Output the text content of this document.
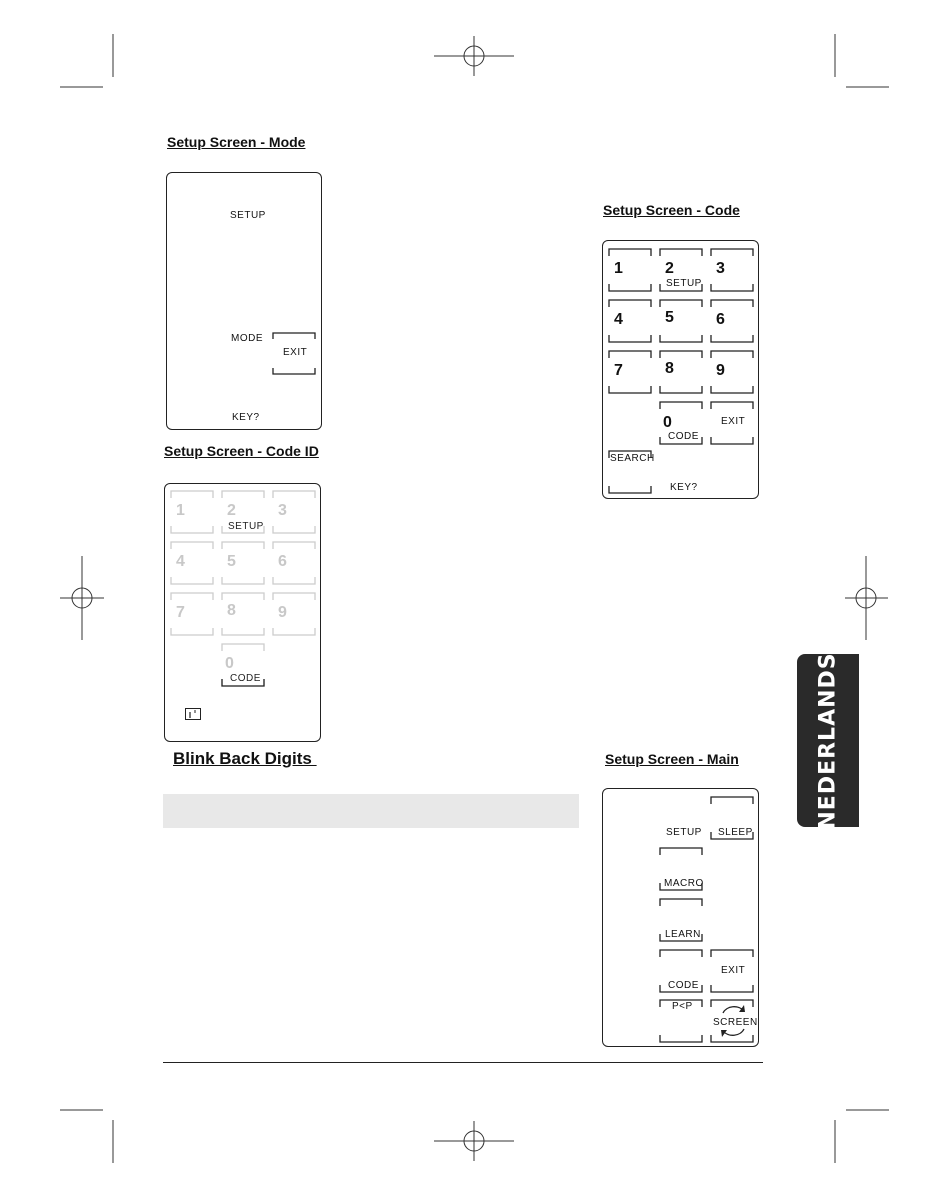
Setup Screen - Mode
SETUP
MODE
EXIT
KEY?
Setup Screen - Code
1	2
SETUP
3
4	5	6
7	8	9
0
CODE
EXIT
SEARCH
KEY?
Setup Screen - Code ID
1	2
SETUP
3
4	5	6
7	8	9
0
CODE
Blink Back Digits	Setup Screen - Main
SETUP SLEEP
MACRO
LEARN
CODE
EXIT
P<P
SCREEN
NEDERLANDS
